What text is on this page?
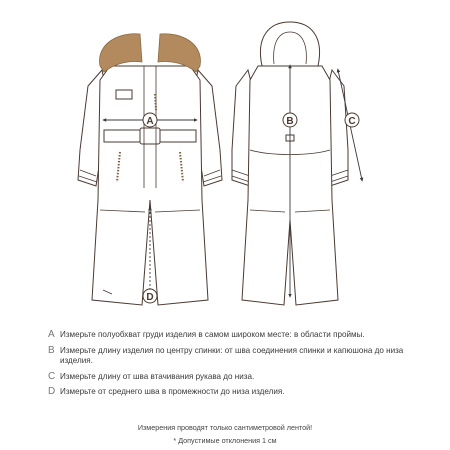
A
D
B	C
A Измерьте полуобхват груди изделия в самом широком месте: в области проймы.
B Измерьте длину изделия по центру спинки: от шва соединения спинки и капюшона до низа изделия.
C Измерьте длину от шва втачивания рукава до низа.
D Измерьте от среднего шва в промежности до низа изделия.
Измерения проводят только сантиметровой лентой!
* Допустимые отклонения 1 см
